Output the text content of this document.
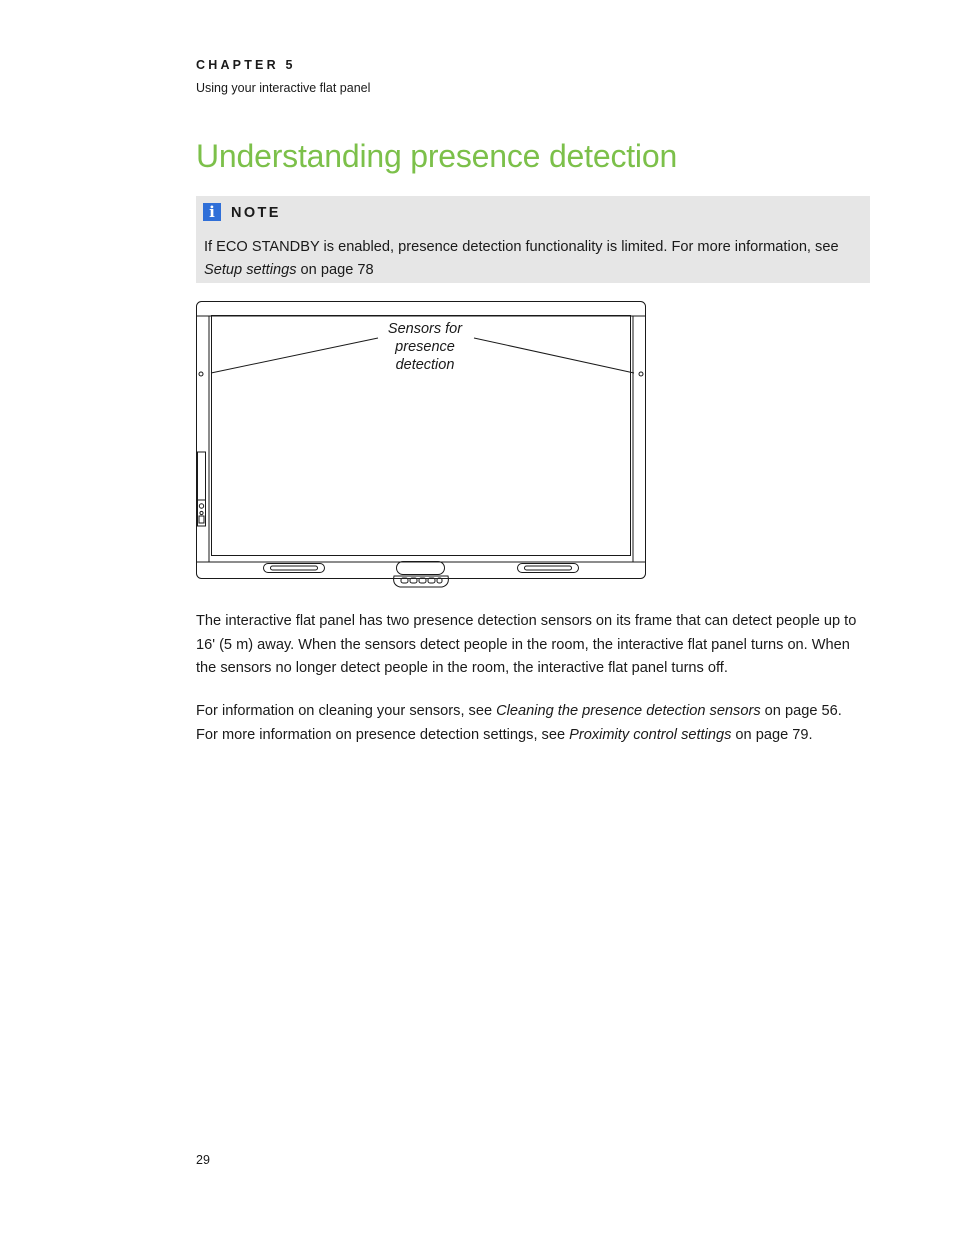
CHAPTER 5
Using your interactive flat panel
Understanding presence detection
i	NOTE
If ECO STANDBY is enabled, presence detection functionality is limited. For more information, see Setup settings on page 78
Sensors for
presence
detection

The interactive flat panel has two presence detection sensors on its frame that can detect people up to 16' (5 m) away. When the sensors detect people in the room, the interactive flat panel turns on. When the sensors no longer detect people in the room, the interactive flat panel turns off.

For information on cleaning your sensors, see Cleaning the presence detection sensors on page 56. For more information on presence detection settings, see Proximity control settings on page 79.

29
